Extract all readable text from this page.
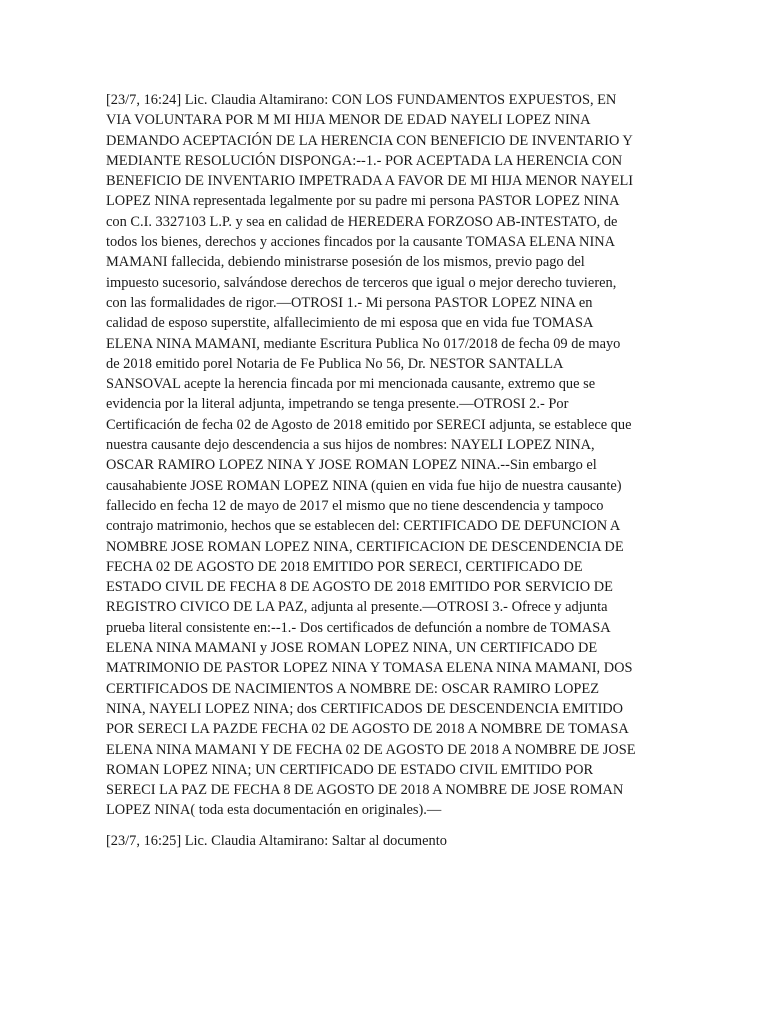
[23/7, 16:24] Lic. Claudia Altamirano: CON LOS FUNDAMENTOS EXPUESTOS, EN
VIA VOLUNTARA POR M MI HIJA MENOR DE EDAD NAYELI LOPEZ NINA
DEMANDO ACEPTACIÓN DE LA HERENCIA CON BENEFICIO DE INVENTARIO Y
MEDIANTE RESOLUCIÓN DISPONGA:--1.- POR ACEPTADA LA HERENCIA CON
BENEFICIO DE INVENTARIO IMPETRADA A FAVOR DE MI HIJA MENOR NAYELI
LOPEZ NINA representada legalmente por su padre mi persona PASTOR LOPEZ NINA
con C.I. 3327103 L.P. y sea en calidad de HEREDERA FORZOSO AB-INTESTATO, de
todos los bienes, derechos y acciones fincados por la causante TOMASA ELENA NINA
MAMANI fallecida, debiendo ministrarse posesión de los mismos, previo pago del
impuesto sucesorio, salvándose derechos de terceros que igual o mejor derecho tuvieren,
con las formalidades de rigor.—OTROSI 1.- Mi persona PASTOR LOPEZ NINA en
calidad de esposo superstite, alfallecimiento de mi esposa que en vida fue TOMASA
ELENA NINA MAMANI, mediante Escritura Publica No 017/2018 de fecha 09 de mayo
de 2018 emitido porel Notaria de Fe Publica No 56, Dr. NESTOR SANTALLA
SANSOVAL acepte la herencia fincada por mi mencionada causante, extremo que se
evidencia por la literal adjunta, impetrando se tenga presente.—OTROSI 2.- Por
Certificación de fecha 02 de Agosto de 2018 emitido por SERECI adjunta, se establece que
nuestra causante dejo descendencia a sus hijos de nombres: NAYELI LOPEZ NINA,
OSCAR RAMIRO LOPEZ NINA Y JOSE ROMAN LOPEZ NINA.--Sin embargo el
causahabiente JOSE ROMAN LOPEZ NINA (quien en vida fue hijo de nuestra causante)
fallecido en fecha 12 de mayo de 2017 el mismo que no tiene descendencia y tampoco
contrajo matrimonio, hechos que se establecen del: CERTIFICADO DE DEFUNCION A
NOMBRE JOSE ROMAN LOPEZ NINA, CERTIFICACION DE DESCENDENCIA DE
FECHA 02 DE AGOSTO DE 2018 EMITIDO POR SERECI, CERTIFICADO DE
ESTADO CIVIL DE FECHA 8 DE AGOSTO DE 2018 EMITIDO POR SERVICIO DE
REGISTRO CIVICO DE LA PAZ, adjunta al presente.—OTROSI 3.- Ofrece y adjunta
prueba literal consistente en:--1.- Dos certificados de defunción a nombre de TOMASA
ELENA NINA MAMANI y JOSE ROMAN LOPEZ NINA, UN CERTIFICADO DE
MATRIMONIO DE PASTOR LOPEZ NINA Y TOMASA ELENA NINA MAMANI, DOS
CERTIFICADOS DE NACIMIENTOS A NOMBRE DE: OSCAR RAMIRO LOPEZ
NINA, NAYELI LOPEZ NINA; dos CERTIFICADOS DE DESCENDENCIA EMITIDO
POR SERECI LA PAZDE FECHA 02 DE AGOSTO DE 2018 A NOMBRE DE TOMASA
ELENA NINA MAMANI Y DE FECHA 02 DE AGOSTO DE 2018 A NOMBRE DE JOSE
ROMAN LOPEZ NINA; UN CERTIFICADO DE ESTADO CIVIL EMITIDO POR
SERECI LA PAZ DE FECHA 8 DE AGOSTO DE 2018 A NOMBRE DE JOSE ROMAN
LOPEZ NINA( toda esta documentación en originales).—

[23/7, 16:25] Lic. Claudia Altamirano: Saltar al documento
